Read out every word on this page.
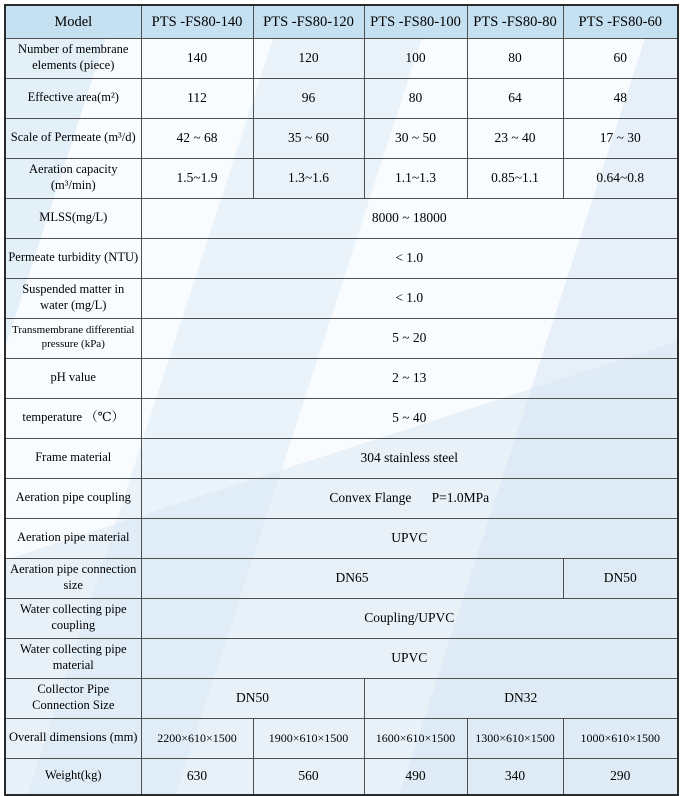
Model	PTS -FS80-140	PTS -FS80-120	PTS -FS80-100	PTS -FS80-80	PTS -FS80-60
Number of membrane elements (piece)	140	120	100	80	60
Effective area(m²)	112	96	80	64	48
Scale of Permeate (m³/d)	42 ~ 68	35 ~ 60	30 ~ 50	23 ~ 40	17 ~ 30
Aeration capacity (m³/min)	1.5~1.9	1.3~1.6	1.1~1.3	0.85~1.1	0.64~0.8
MLSS(mg/L)	8000 ~ 18000				
Permeate turbidity (NTU)	< 1.0				
Suspended matter in water (mg/L)	< 1.0				
Transmembrane differential pressure (kPa)	5 ~ 20				
pH value	2 ~ 13				
temperature （℃）	5 ~ 40				
Frame material	304 stainless steel				
Aeration pipe coupling	Convex Flange      P=1.0MPa				
Aeration pipe material	UPVC				
Aeration pipe connection size	DN65				DN50
Water collecting pipe coupling	Coupling/UPVC				
Water collecting pipe material	UPVC				
Collector Pipe Connection Size	DN50		DN32		
Overall dimensions (mm)	2200×610×1500	1900×610×1500	1600×610×1500	1300×610×1500	1000×610×1500
Weight(kg)	630	560	490	340	290
